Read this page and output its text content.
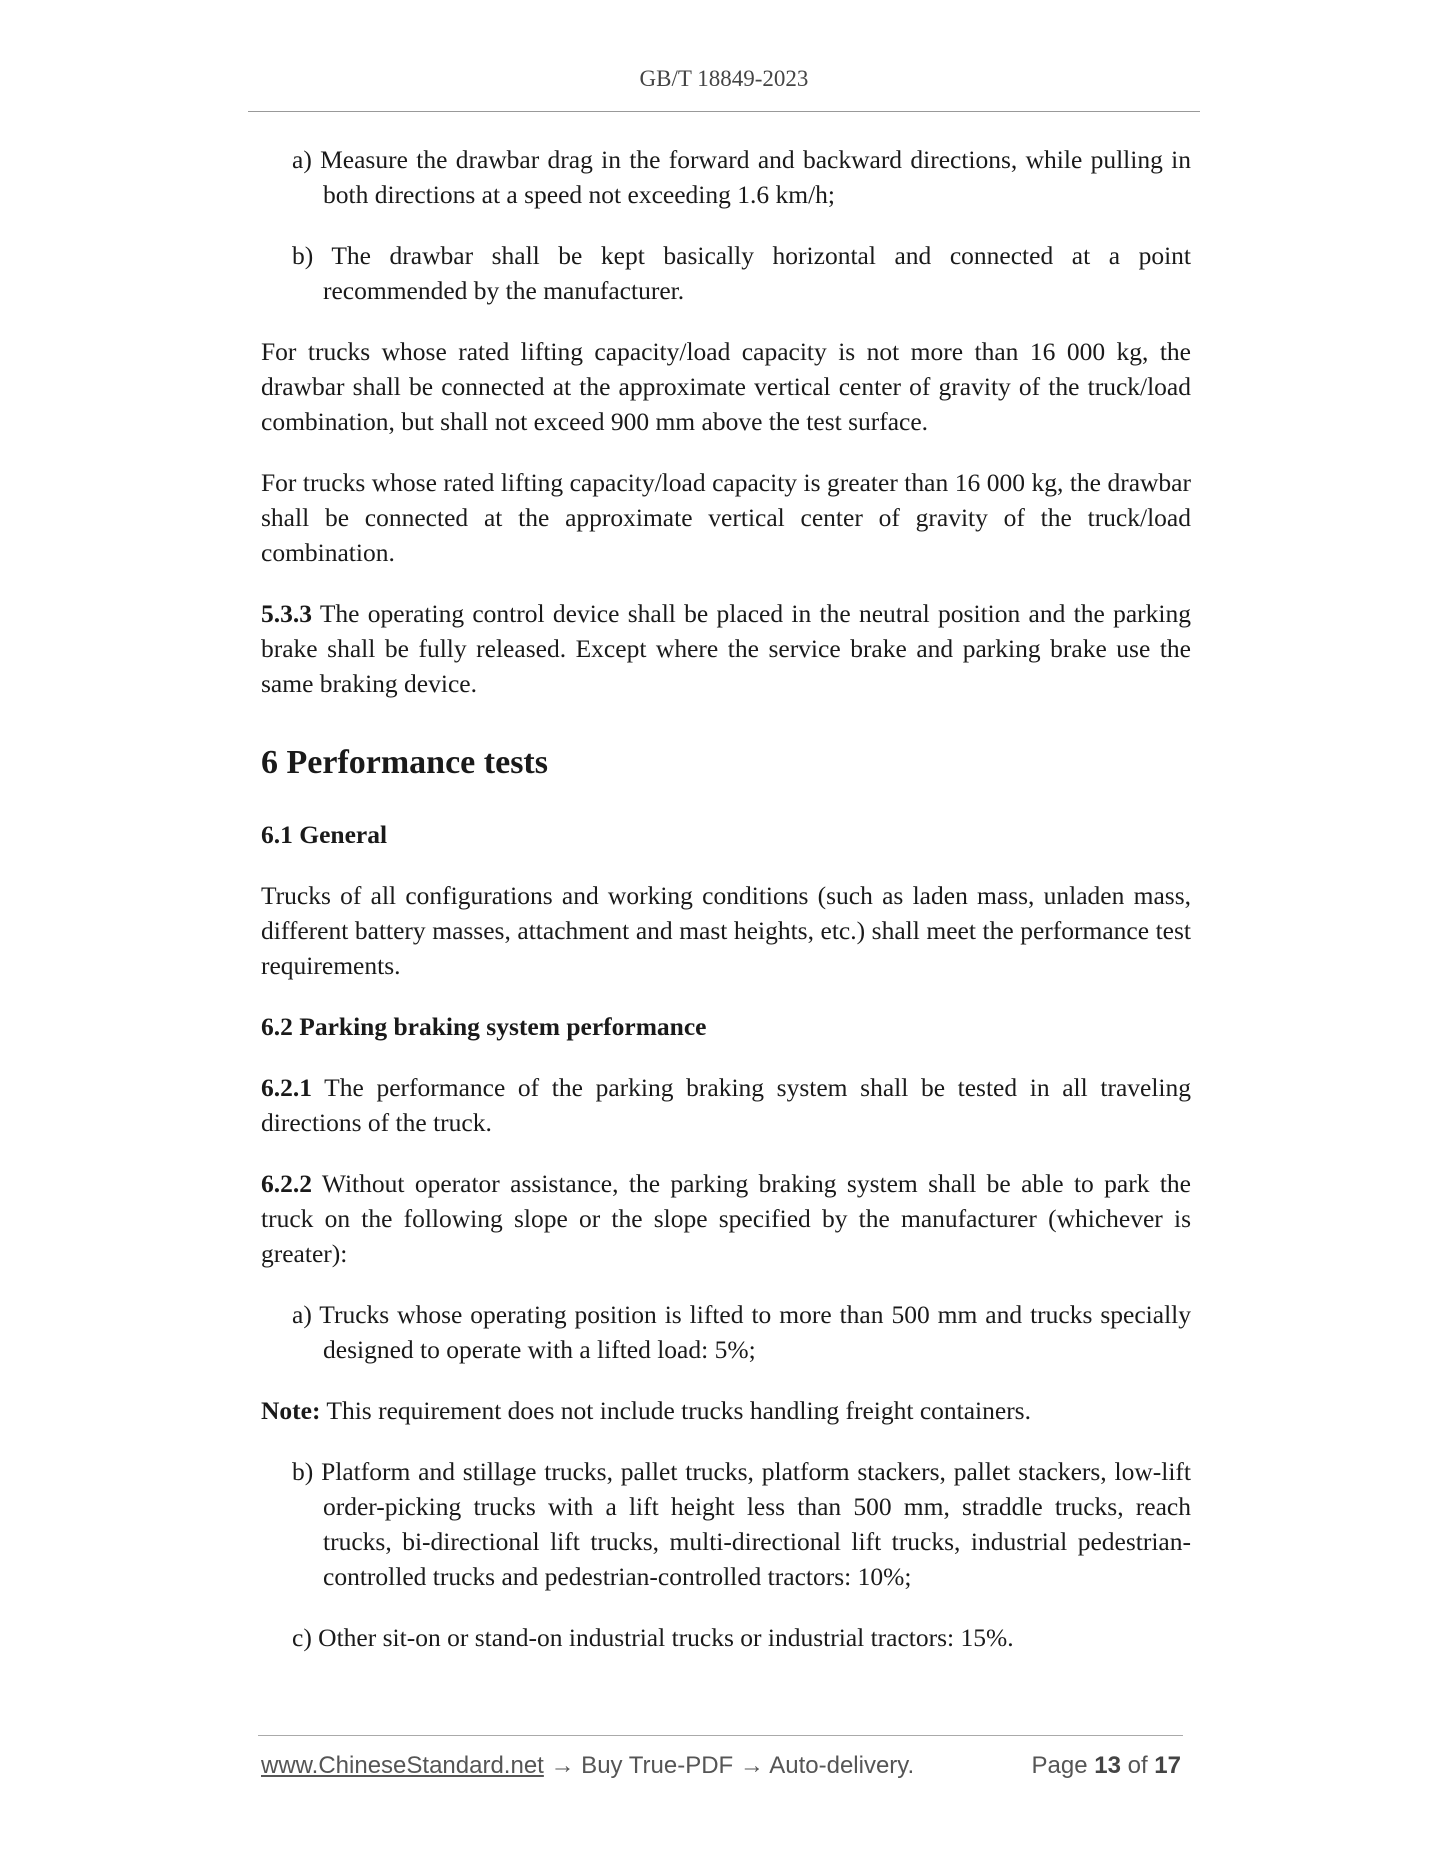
GB/T 18849-2023

a) Measure the drawbar drag in the forward and backward directions, while pulling in both directions at a speed not exceeding 1.6 km/h;

b) The drawbar shall be kept basically horizontal and connected at a point recommended by the manufacturer.

For trucks whose rated lifting capacity/load capacity is not more than 16 000 kg, the drawbar shall be connected at the approximate vertical center of gravity of the truck/load combination, but shall not exceed 900 mm above the test surface.

For trucks whose rated lifting capacity/load capacity is greater than 16 000 kg, the drawbar shall be connected at the approximate vertical center of gravity of the truck/load combination.

5.3.3 The operating control device shall be placed in the neutral position and the parking brake shall be fully released. Except where the service brake and parking brake use the same braking device.

6 Performance tests
6.1 General

Trucks of all configurations and working conditions (such as laden mass, unladen mass, different battery masses, attachment and mast heights, etc.) shall meet the performance test requirements.

6.2 Parking braking system performance

6.2.1 The performance of the parking braking system shall be tested in all traveling directions of the truck.

6.2.2 Without operator assistance, the parking braking system shall be able to park the truck on the following slope or the slope specified by the manufacturer (whichever is greater):

a) Trucks whose operating position is lifted to more than 500 mm and trucks specially designed to operate with a lifted load: 5%;

Note: This requirement does not include trucks handling freight containers.

b) Platform and stillage trucks, pallet trucks, platform stackers, pallet stackers, low-lift order-picking trucks with a lift height less than 500 mm, straddle trucks, reach trucks, bi-directional lift trucks, multi-directional lift trucks, industrial pedestrian-controlled trucks and pedestrian-controlled tractors: 10%;

c) Other sit-on or stand-on industrial trucks or industrial tractors: 15%.

www.ChineseStandard.net → Buy True-PDF → Auto-delivery.	Page 13 of 17
